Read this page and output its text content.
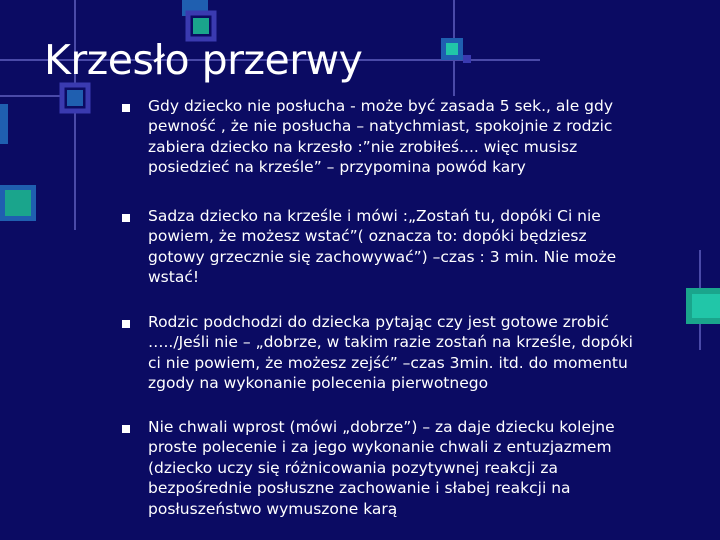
Krzesło przerwy
Gdy dziecko nie posłucha - może być zasada 5 sek., ale gdy pewność , że nie posłucha – natychmiast, spokojnie z rodzic zabiera dziecko na krzesło :”nie zrobiłeś.... więc musisz posiedzieć na krześle” – przypomina powód kary
Sadza dziecko na krześle i mówi :„Zostań tu, dopóki Ci nie powiem, że możesz wstać”( oznacza to: dopóki będziesz gotowy grzecznie się zachowywać”) –czas : 3 min. Nie może wstać!
Rodzic podchodzi do dziecka pytając czy jest gotowe zrobić …../Jeśli nie – „dobrze, w takim razie zostań na krześle, dopóki ci nie powiem, że możesz zejść” –czas 3min. itd. do momentu zgody na wykonanie polecenia pierwotnego
Nie chwali wprost (mówi „dobrze”) – za daje dziecku kolejne proste polecenie i za jego wykonanie chwali z entuzjazmem (dziecko uczy się różnicowania pozytywnej reakcji za bezpośrednie posłuszne zachowanie i słabej reakcji na posłuszeństwo wymuszone karą
